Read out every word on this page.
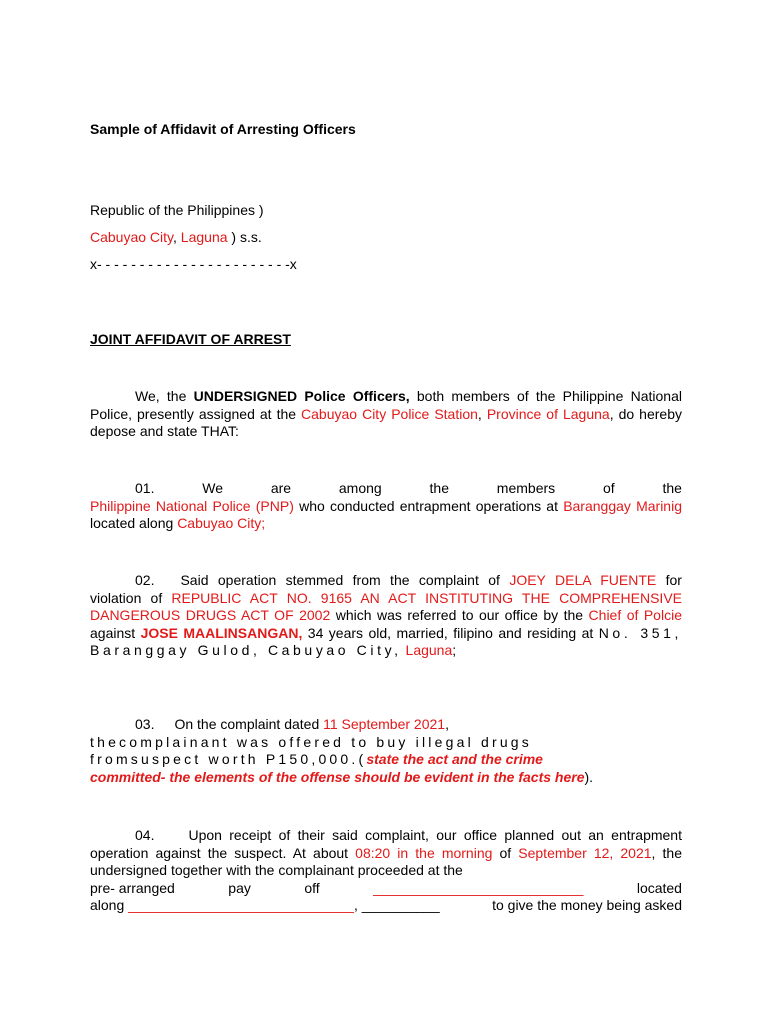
Sample of Affidavit of Arresting Officers
Republic of the Philippines )
Cabuyao City, Laguna ) s.s.
x- - - - - - - - - - - - - - - - - - - - - - -x
JOINT AFFIDAVIT OF ARREST
We, the UNDERSIGNED Police Officers, both members of the Philippine National Police, presently assigned at the Cabuyao City Police Station, Province of Laguna, do hereby depose and state THAT:
01.	We	are	among	the	members	of	the
Philippine National Police (PNP) who conducted entrapment operations at Baranggay Marinig located along Cabuyao City;
02. Said operation stemmed from the complaint of JOEY DELA FUENTE for violation of REPUBLIC ACT NO. 9165 AN ACT INSTITUTING THE COMPREHENSIVE DANGEROUS DRUGS ACT OF 2002 which was referred to our office by the Chief of Polcie against JOSE MAALINSANGAN, 34 years old, married, filipino and residing at No. 351, Baranggay Gulod, Cabuyao City, Laguna;
03. On the complaint dated 11 September 2021,
thecomplainant was offered to buy illegal drugs
fromsuspect worth P150,000.(state the act and the crime
committed- the elements of the offense should be evident in the facts here).
04. Upon receipt of their said complaint, our office planned out an entrapment operation against the suspect. At about 08:20 in the morning of September 12, 2021, the undersigned together with the complainant proceeded at the
pre- arranged	pay	off	___________________________	located
along _____________________________, __________	to give the money being asked
